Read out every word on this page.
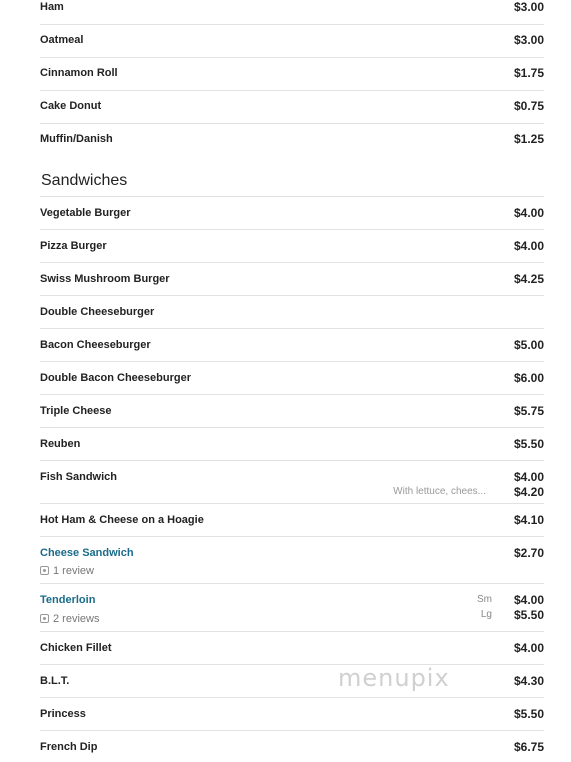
Ham	$3.00
Oatmeal	$3.00
Cinnamon Roll	$1.75
Cake Donut	$0.75
Muffin/Danish	$1.25
Sandwiches
Vegetable Burger	$4.00
Pizza Burger	$4.00
Swiss Mushroom Burger	$4.25
Double Cheeseburger
Bacon Cheeseburger	$5.00
Double Bacon Cheeseburger	$6.00
Triple Cheese	$5.75
Reuben	$5.50
Fish Sandwich	$4.00
With lettuce, chees... $4.20
Hot Ham & Cheese on a Hoagie	$4.10
Cheese Sandwich	$2.70
1 review
Tenderloin	Sm $4.00
Lg $5.50
2 reviews
Chicken Fillet	$4.00
B.L.T.	$4.30
Princess	$5.50
French Dip	$6.75
menupix
